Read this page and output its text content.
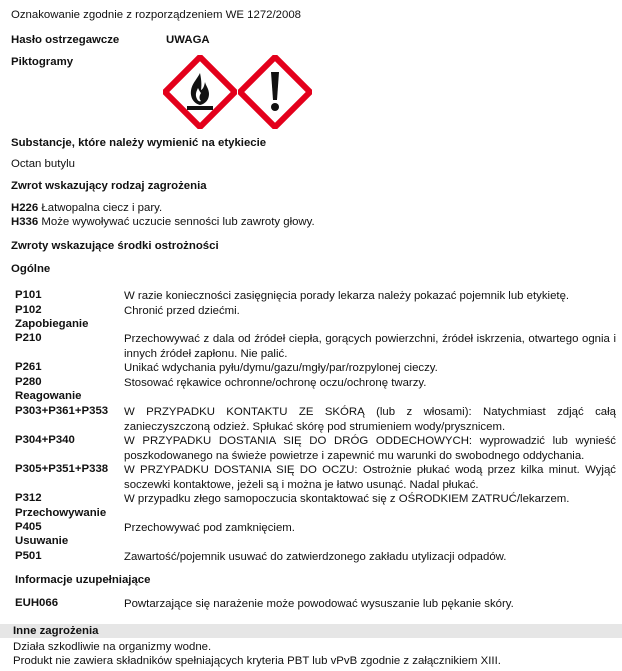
Oznakowanie zgodnie z rozporządzeniem WE 1272/2008
Hasło ostrzegawcze	UWAGA
Piktogramy
Substancje, które należy wymienić na etykiecie
Octan butylu
Zwrot wskazujący rodzaj zagrożenia
H226 Łatwopalna ciecz i pary.
H336 Może wywoływać uczucie senności lub zawroty głowy.
Zwroty wskazujące środki ostrożności
Ogólne
P101	W razie konieczności zasięgnięcia porady lekarza należy pokazać pojemnik lub etykietę.
P102	Chronić przed dziećmi.
Zapobieganie
P210	Przechowywać z dala od źródeł ciepła, gorących powierzchni, źródeł iskrzenia, otwartego ognia i innych źródeł zapłonu. Nie palić.
P261	Unikać wdychania pyłu/dymu/gazu/mgły/par/rozpylonej cieczy.
P280	Stosować rękawice ochronne/ochronę oczu/ochronę twarzy.
Reagowanie
P303+P361+P353 W PRZYPADKU KONTAKTU ZE SKÓRĄ (lub z włosami): Natychmiast zdjąć całą zanieczyszczoną odzież. Spłukać skórę pod strumieniem wody/prysznicem.
P304+P340	W PRZYPADKU DOSTANIA SIĘ DO DRÓG ODDECHOWYCH: wyprowadzić lub wynieść poszkodowanego na świeże powietrze i zapewnić mu warunki do swobodnego oddychania.
P305+P351+P338 W PRZYPADKU DOSTANIA SIĘ DO OCZU: Ostrożnie płukać wodą przez kilka minut. Wyjąć soczewki kontaktowe, jeżeli są i można je łatwo usunąć. Nadal płukać.
P312	W przypadku złego samopoczucia skontaktować się z OŚRODKIEM ZATRUĆ/lekarzem.
Przechowywanie
P405	Przechowywać pod zamknięciem.
Usuwanie
P501	Zawartość/pojemnik usuwać do zatwierdzonego zakładu utylizacji odpadów.
Informacje uzupełniające
EUH066	Powtarzające się narażenie może powodować wysuszanie lub pękanie skóry.
Inne zagrożenia
Działa szkodliwie na organizmy wodne.
Produkt nie zawiera składników spełniających kryteria PBT lub vPvB zgodnie z załącznikiem XIII.
